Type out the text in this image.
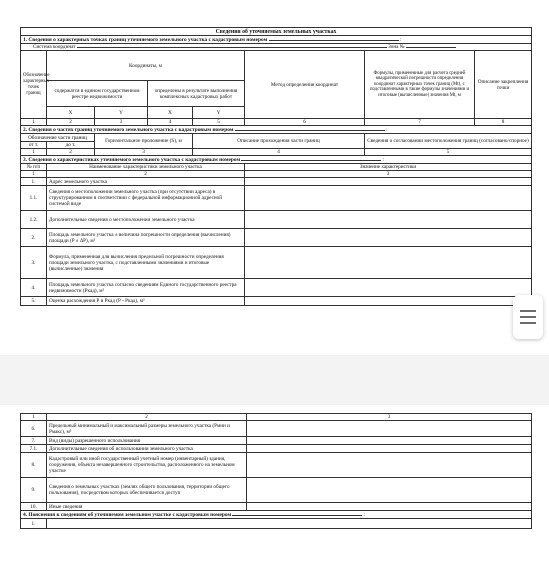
Сведения об уточняемых земельных участках							
1. Сведения о характерных точках границ уточняемого земельного участка с кадастровым номером :							
Система координат Зона №							
Обозначение характерных точек границ	Координаты, м				Метод определения координат	Формулы, примененные для расчета средней квадратической погрешности определения координат характерных точек границ (Mt), с подставленными в такие формулы значениями и итоговые (вычисленные) значения Mt, м	Описание закрепления точки
	содержатся в едином государственном реестре недвижимости		определены в результате выполнения комплексных кадастровых работ				
	X	Y	X	Y			
1	2	3	4	5	6	7	8
2. Сведения о частях границ уточняемого земельного участка с кадастровым номером :							
Обозначение части границ		Горизонтальное проложение (S), м		Описание прохождения части границ		Сведения о согласовании местоположения границ (согласовано/спорное)	
от т.	до т.						
1	2	3		4		5	
3. Сведения о характеристиках уточняемого земельного участка с кадастровым номером :							
№ п/п	Наименование характеристики земельного участка				Значение характеристики		
1	2				3		
1.	Адрес земельного участка						
1.1.	Сведения о местоположении земельного участка (при отсутствии адреса) в структурированном в соответствии с федеральной информационной адресной системой виде						
1.2.	Дополнительные сведения о местоположении земельного участка						
2.	Площадь земельного участка ± величина погрешности определения (вычисления) площади (P ± ΔP), м²						
3.	Формула, примененная для вычисления предельной погрешности определения площади земельного участка, с подставленными значениями и итоговые (вычисленные) значения						
4.	Площадь земельного участка согласно сведениям Единого государственного реестра недвижимости (Ркад), м²						
5.	Оценка расхождения Р и Ркад (Р - Ркад), м²						
1	2	3
6.	Предельный минимальный и максимальный размеры земельного участка (Pмин и Pмакс), м²	
7.	Вид (виды) разрешенного использования	
7.1.	Дополнительные сведения об использовании земельного участка	
8.	Кадастровый или иной государственный учетный номер (инвентарный) здания, сооружения, объекта незавершенного строительства, расположенного на земельном участке	
9.	Сведения о земельных участках (землях общего пользования, территории общего пользования), посредством которых обеспечивается доступ	
10.	Иные сведения	
4. Пояснения к сведениям об уточняемом земельном участке с кадастровым номером :		
1.		
